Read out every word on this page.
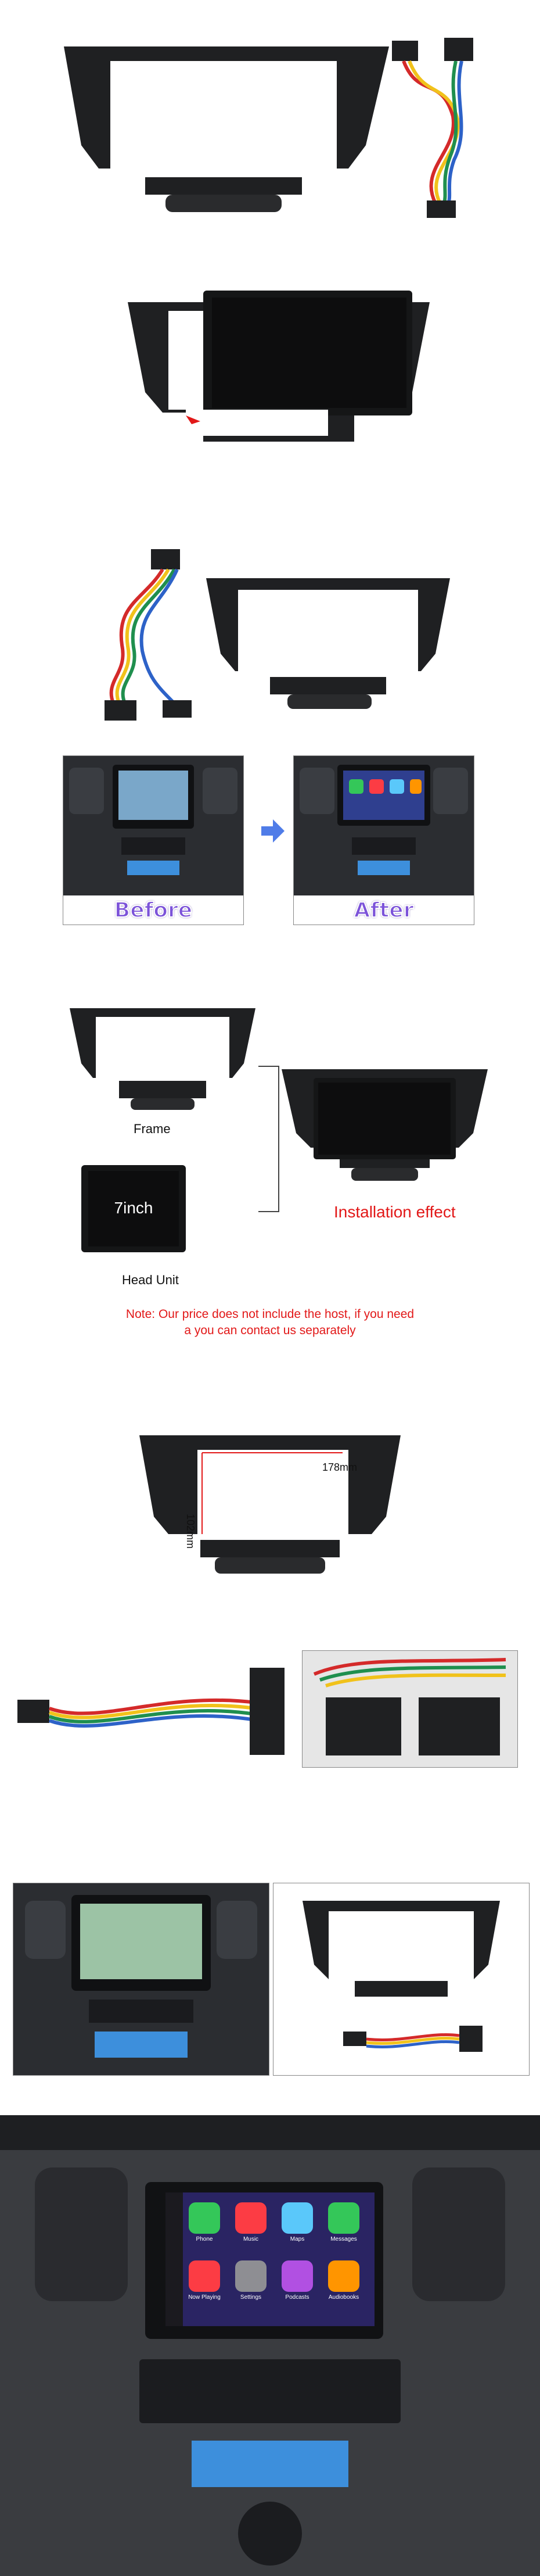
Before	After
Frame
7inch
Head Unit
Installation effect
Note: Our price does not include the host, if you need
a you can contact us separately
178mm
102mm
Phone	Music	Maps	Messages
Now Playing	Settings	Podcasts	Audiobooks
